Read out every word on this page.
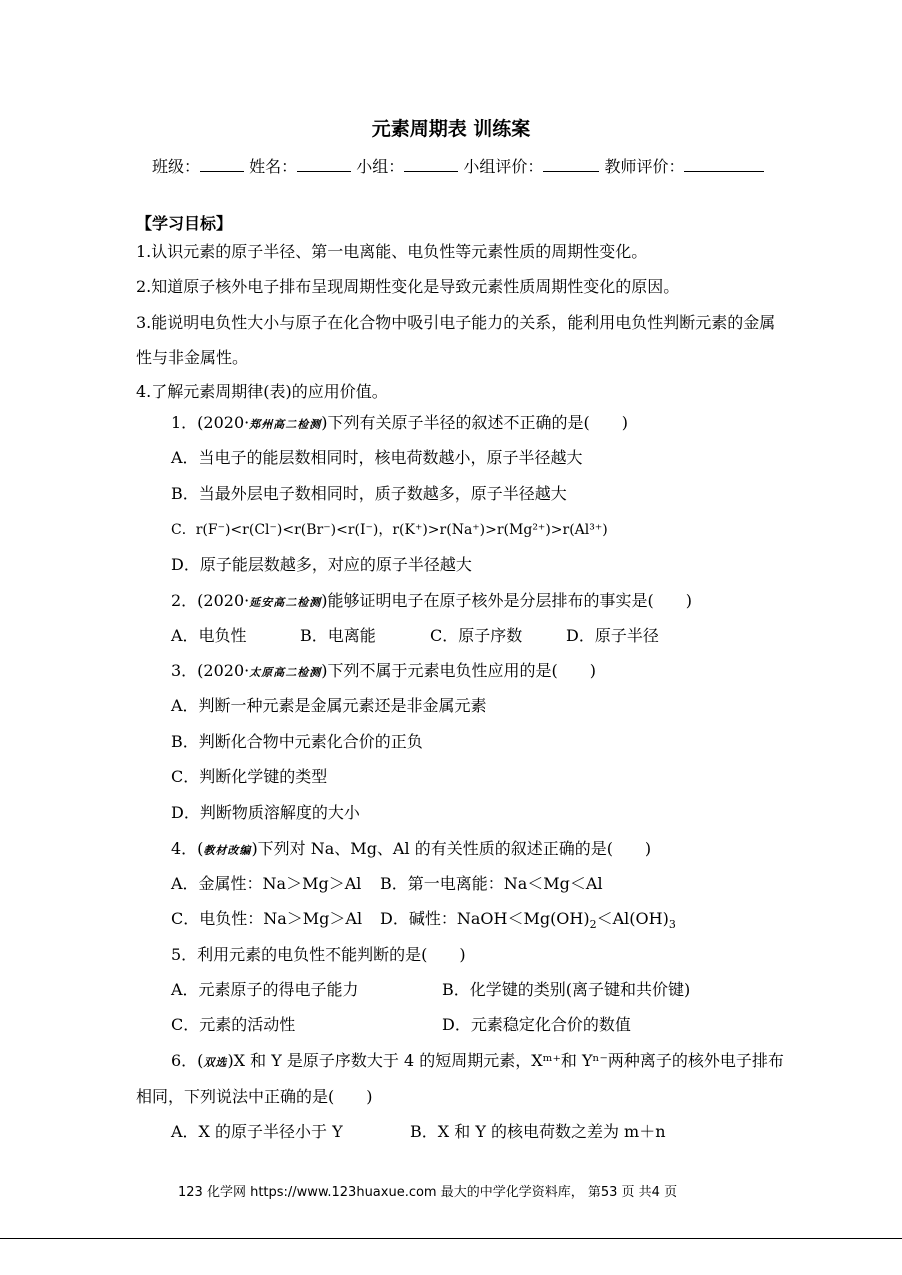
元素周期表 训练案
班级：	姓名：	小组：	小组评价：	教师评价：
【学习目标】
1.认识元素的原子半径、第一电离能、电负性等元素性质的周期性变化。
2.知道原子核外电子排布呈现周期性变化是导致元素性质周期性变化的原因。
3.能说明电负性大小与原子在化合物中吸引电子能力的关系，能利用电负性判断元素的金属
性与非金属性。
4.了解元素周期律(表)的应用价值。
1．(2020·郑州高二检测)下列有关原子半径的叙述不正确的是(　　)
A．当电子的能层数相同时，核电荷数越小，原子半径越大
B．当最外层电子数相同时，质子数越多，原子半径越大
C．r(F⁻)<r(Cl⁻)<r(Br⁻)<r(I⁻)，r(K⁺)>r(Na⁺)>r(Mg²⁺)>r(Al³⁺)
D．原子能层数越多，对应的原子半径越大
2．(2020·延安高二检测)能够证明电子在原子核外是分层排布的事实是(　　)
A．电负性	B．电离能	C．原子序数	D．原子半径
3．(2020·太原高二检测)下列不属于元素电负性应用的是(　　)
A．判断一种元素是金属元素还是非金属元素
B．判断化合物中元素化合价的正负
C．判断化学键的类型
D．判断物质溶解度的大小
4．(教材改编)下列对 Na、Mg、Al 的有关性质的叙述正确的是(　　)
A．金属性：Na＞Mg＞Al B．第一电离能：Na＜Mg＜Al
C．电负性：Na＞Mg＞Al D．碱性：$NaOH<Mg(OH)_2<Al(OH)_3$
5．利用元素的电负性不能判断的是(　　)
A．元素原子的得电子能力	B．化学键的类别(离子键和共价键)
C．元素的活动性	D．元素稳定化合价的数值
6．(双选)X 和 Y 是原子序数大于 4 的短周期元素，Xᵐ⁺和 Yⁿ⁻两种离子的核外电子排布
相同，下列说法中正确的是(　　)
A．X 的原子半径小于 Y	B．X 和 Y 的核电荷数之差为 m＋n
123 化学网 https://www.123huaxue.com 最大的中学化学资料库， 第53 页 共4 页
